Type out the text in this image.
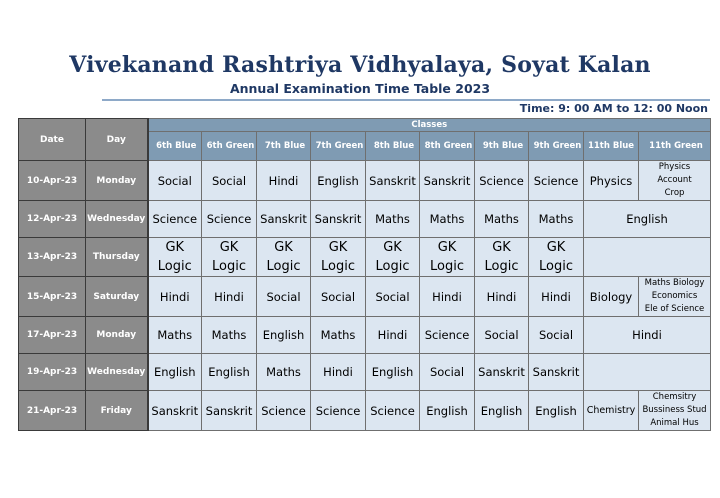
Vivekanand Rashtriya Vidhyalaya, Soyat Kalan
Annual Examination Time Table 2023
Time: 9: 00 AM to 12: 00 Noon
Date	Day	Classes									
		6th Blue	6th Green	7th Blue	7th Green	8th Blue	8th Green	9th Blue	9th Green	11th Blue	11th Green
10-Apr-23	Monday	Social	Social	Hindi	English	Sanskrit	Sanskrit	Science	Science	Physics	Physics
Account
Crop

12-Apr-23	Wednesday	Science	Science	Sanskrit	Sanskrit	Maths	Maths	Maths	Maths	English	
13-Apr-23	Thursday	GK
Logic	GK
Logic	GK
Logic	GK
Logic	GK
Logic	GK
Logic	GK
Logic	GK
Logic		

15-Apr-23	Saturday	Hindi	Hindi	Social	Social	Social	Hindi	Hindi	Hindi	Biology	Maths Biology
Economics
Ele of Science

17-Apr-23	Monday	Maths	Maths	English	Maths	Hindi	Science	Social	Social	Hindi	
19-Apr-23	Wednesday	English	English	Maths	Hindi	English	Social	Sanskrit	Sanskrit		
21-Apr-23	Friday	Sanskrit	Sanskrit	Science	Science	Science	English	English	English	Chemistry	Chemsitry
Bussiness Stud
Animal Hus
